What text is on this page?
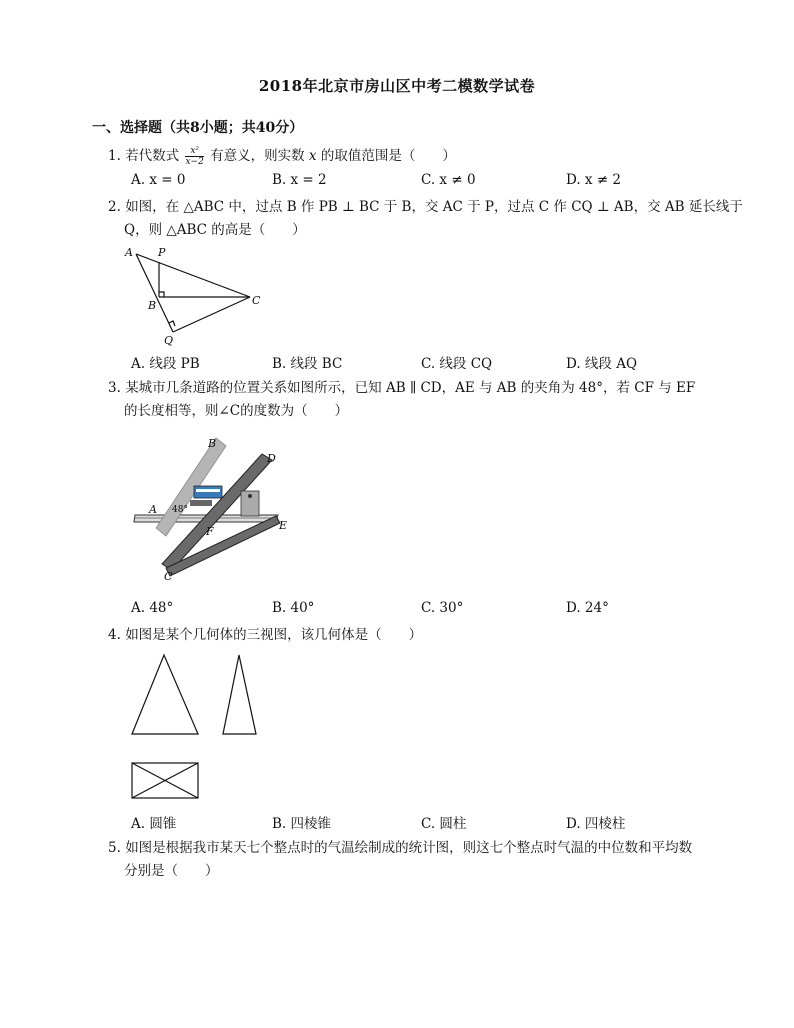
2018年北京市房山区中考二模数学试卷
一、选择题（共8小题；共40分）
1. 若代数式 $\frac{\text{x²}}{x-2}$ 有意义，则实数 x 的取值范围是（　　）
A. x = 0	B. x = 2	C. x ≠ 0	D. x ≠ 2
2. 如图，在 △ABC 中，过点 B 作 PB ⊥ BC 于 B，交 AC 于 P，过点 C 作 CQ ⊥ AB，交 AB 延长线于
Q，则 △ABC 的高是（　　）
A P
B	C
Q
A. 线段 PB	B. 线段 BC	C. 线段 CQ	D. 线段 AQ
3. 某城市几条道路的位置关系如图所示，已知 AB ∥ CD，AE 与 AB 的夹角为 48°，若 CF 与 EF
的长度相等，则∠C的度数为（　　）
B
D
A 48°
F	E
C
A. 48°	B. 40°	C. 30°	D. 24°
4. 如图是某个几何体的三视图，该几何体是（　　）
A. 圆锥	B. 四棱锥	C. 圆柱	D. 四棱柱
5. 如图是根据我市某天七个整点时的气温绘制成的统计图，则这七个整点时气温的中位数和平均数
分别是（　　）
